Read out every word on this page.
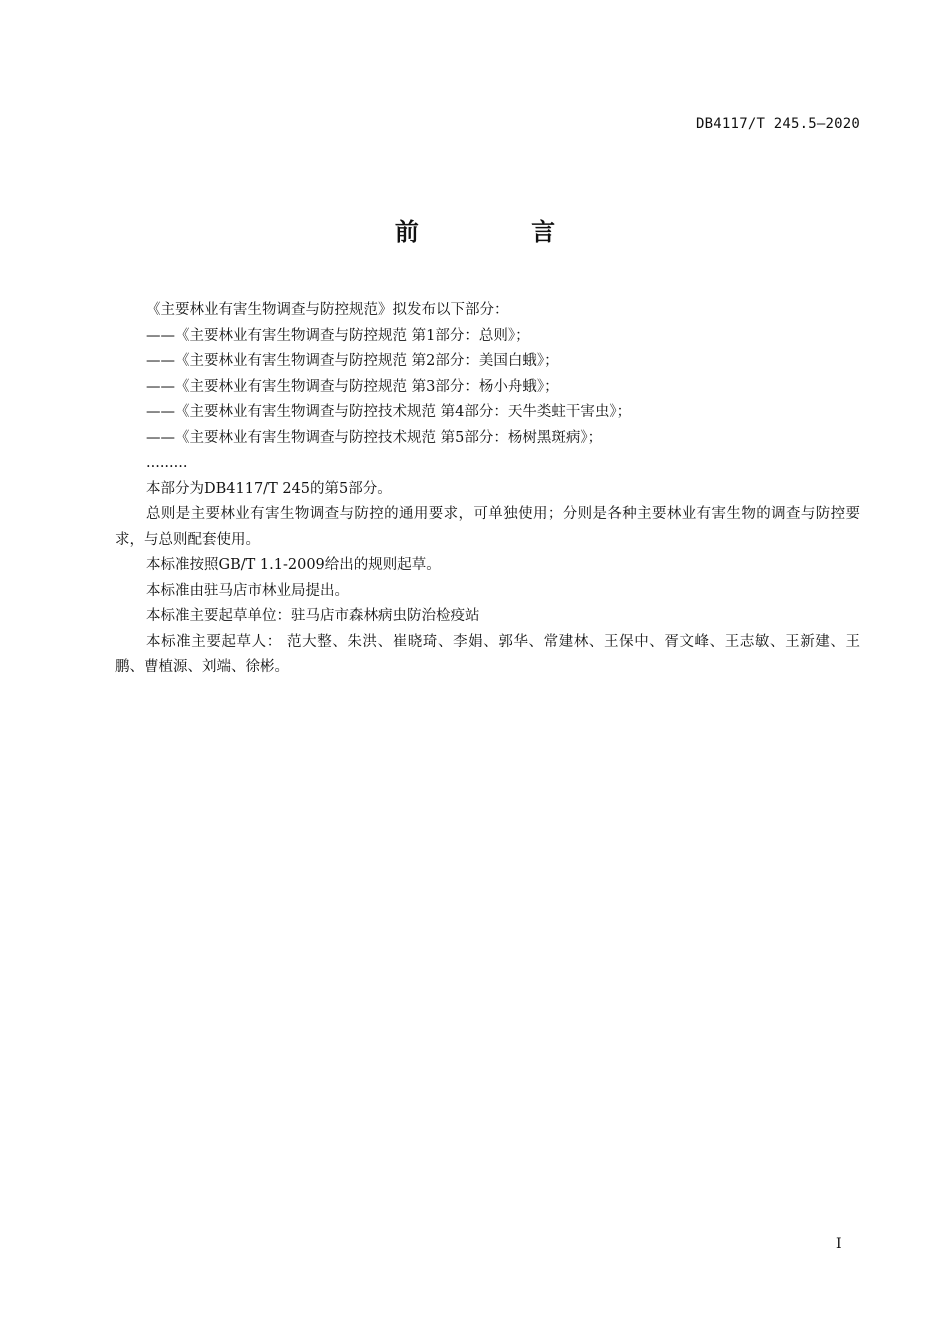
DB4117/T 245.5—2020
前 言

《主要林业有害生物调查与防控规范》拟发布以下部分：

——《主要林业有害生物调查与防控规范 第1部分：总则》；

——《主要林业有害生物调查与防控规范 第2部分：美国白蛾》；

——《主要林业有害生物调查与防控规范 第3部分：杨小舟蛾》；

——《主要林业有害生物调查与防控技术规范 第4部分：天牛类蛀干害虫》；

——《主要林业有害生物调查与防控技术规范 第5部分：杨树黑斑病》；

.........

本部分为DB4117/T 245的第5部分。

总则是主要林业有害生物调查与防控的通用要求，可单独使用；分则是各种主要林业有害生物的调查与防控要求，与总则配套使用。

本标准按照GB/T 1.1-2009给出的规则起草。

本标准由驻马店市林业局提出。

本标准主要起草单位：驻马店市森林病虫防治检疫站

本标准主要起草人： 范大整、朱洪、崔晓琦、李娟、郭华、常建林、王保中、胥文峰、王志敏、王新建、王鹏、曹植源、刘端、徐彬。

I
